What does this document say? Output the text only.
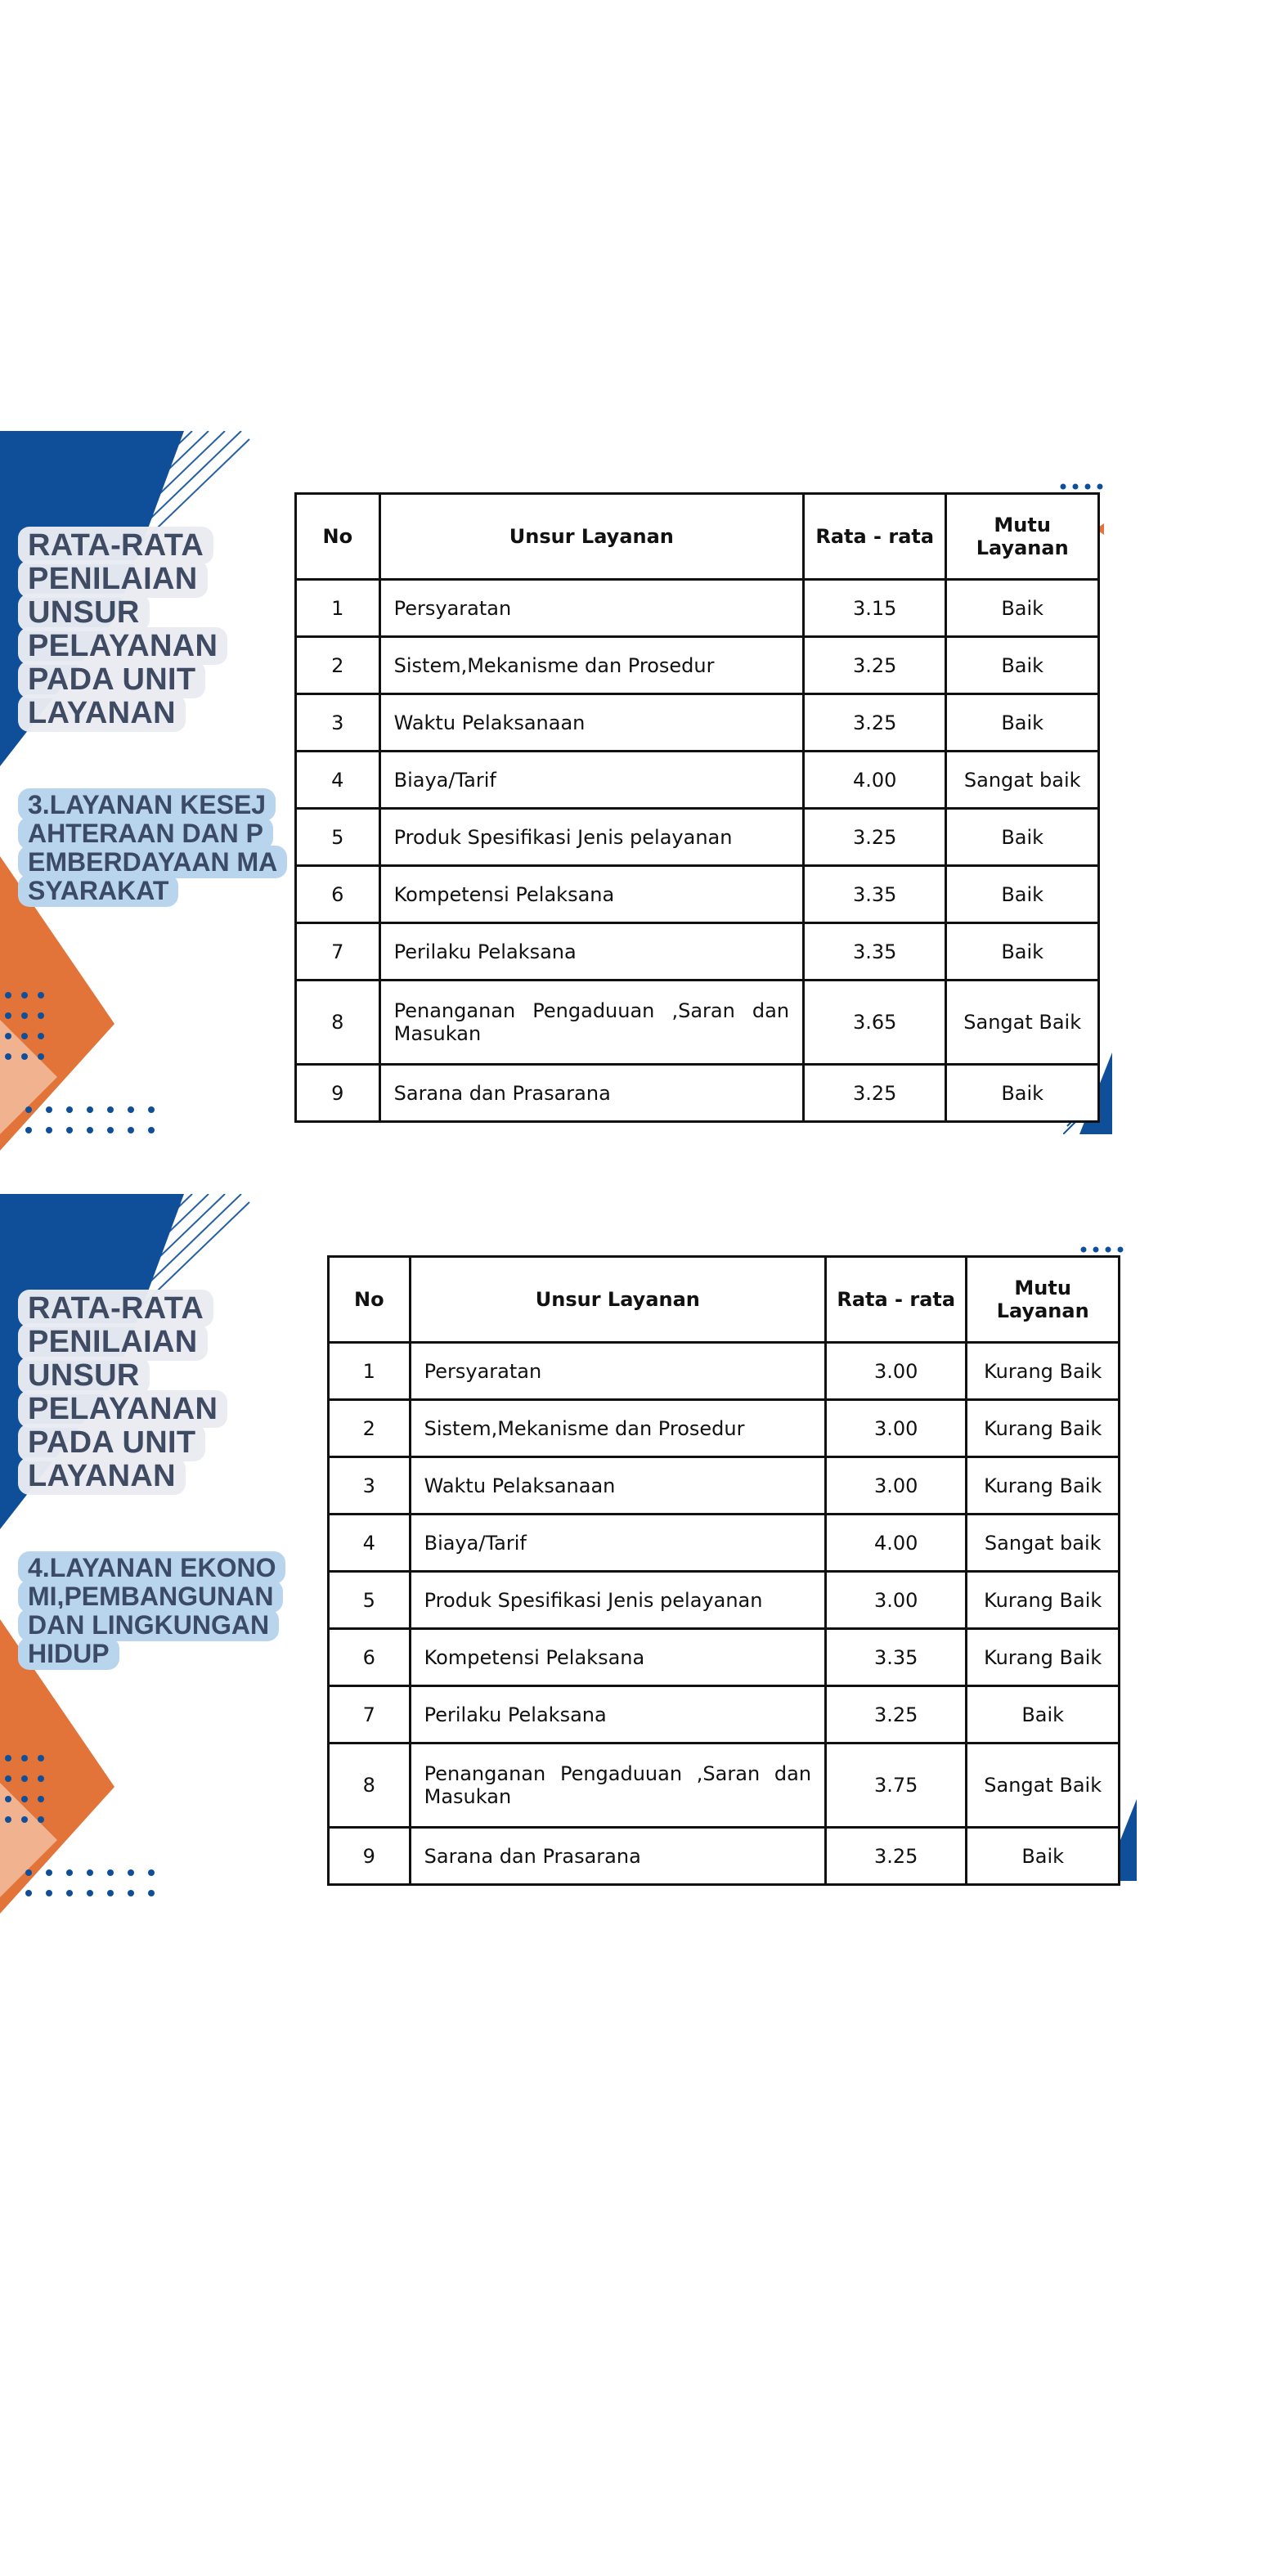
RATA-RATA PENILAIAN UNSUR PELAYANAN PADA UNIT LAYANAN

3.LAYANAN KESEJAHTERAAN DAN PEMBERDAYAAN MASYARAKAT

No	Unsur Layanan	Rata - rata	Mutu Layanan
1	Persyaratan	3.15	Baik
2	Sistem,Mekanisme dan Prosedur	3.25	Baik
3	Waktu Pelaksanaan	3.25	Baik
4	Biaya/Tarif	4.00	Sangat baik
5	Produk Spesifikasi Jenis pelayanan	3.25	Baik
6	Kompetensi Pelaksana	3.35	Baik
7	Perilaku Pelaksana	3.35	Baik
8	Penanganan Pengaduuan ,Saran dan Masukan	3.65	Sangat Baik
9	Sarana dan Prasarana	3.25	Baik

RATA-RATA PENILAIAN UNSUR PELAYANAN PADA UNIT LAYANAN

4.LAYANAN EKONOMI,PEMBANGUNAN DAN LINGKUNGAN HIDUP

No	Unsur Layanan	Rata - rata	Mutu Layanan
1	Persyaratan	3.00	Kurang Baik
2	Sistem,Mekanisme dan Prosedur	3.00	Kurang Baik
3	Waktu Pelaksanaan	3.00	Kurang Baik
4	Biaya/Tarif	4.00	Sangat baik
5	Produk Spesifikasi Jenis pelayanan	3.00	Kurang Baik
6	Kompetensi Pelaksana	3.35	Kurang Baik
7	Perilaku Pelaksana	3.25	Baik
8	Penanganan Pengaduuan ,Saran dan Masukan	3.75	Sangat Baik
9	Sarana dan Prasarana	3.25	Baik
